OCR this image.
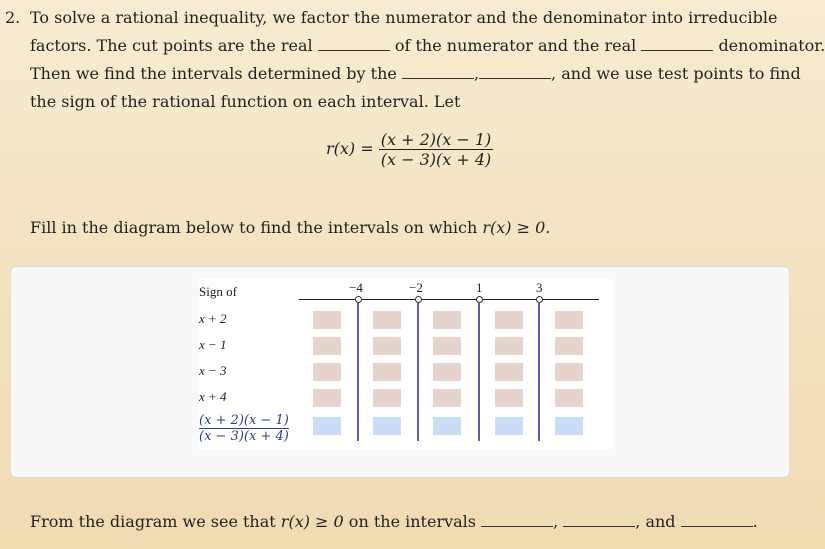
2. To solve a rational inequality, we factor the numerator and the denominator into irreducible
factors. The cut points are the real	of the numerator and the real	denominator.
Then we find the intervals determined by the	,	, and we use test points to find
the sign of the rational function on each interval. Let
$r(x) = \frac{(x + 2)(x - 1)}{(x - 3)(x + 4)}$
Fill in the diagram below to find the intervals on which r(x) ≥ 0.
Sign of
x + 2
x − 1
x − 3
x + 4
$\frac{(x + 2)(x - 1)}{(x - 3)(x + 4)}$
−4	−2	1	3
From the diagram we see that r(x) ≥ 0 on the intervals	,	, and	.
